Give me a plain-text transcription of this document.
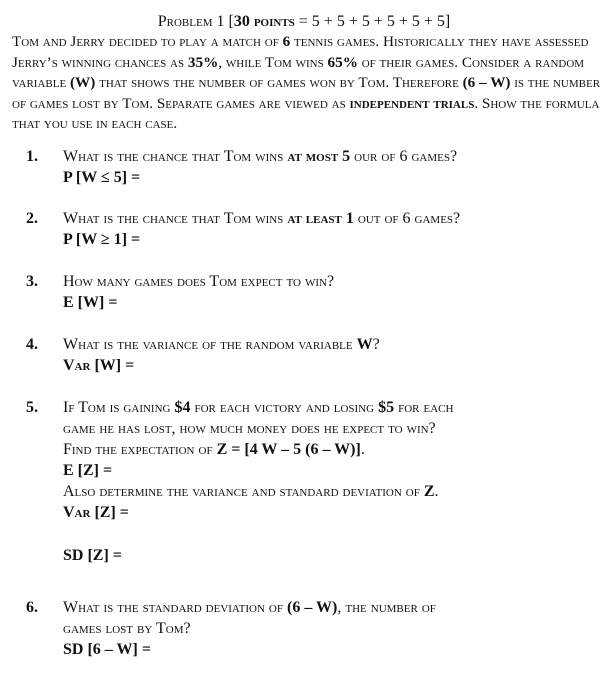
Problem 1 [30 points = 5 + 5 + 5 + 5 + 5 + 5]
Tom and Jerry decided to play a match of 6 tennis games. Historically they have assessed Jerry’s winning chances as 35%, while Tom wins 65% of their games. Consider a random variable (W) that shows the number of games won by Tom. Therefore (6 – W) is the number of games lost by Tom. Separate games are viewed as independent trials. Show the formula that you use in each case.
1. What is the chance that Tom wins at most 5 our of 6 games?
P [W ≤ 5] =
2. What is the chance that Tom wins at least 1 out of 6 games?
P [W ≥ 1] =
3. How many games does Tom expect to win?
E [W] =
4. What is the variance of the random variable W?
Var [W] =
5. If Tom is gaining $4 for each victory and losing $5 for each
game he has lost, how much money does he expect to win?
Find the expectation of Z = [4 W – 5 (6 – W)].
E [Z] =
Also determine the variance and standard deviation of Z.
Var [Z] =
SD [Z] =
6. What is the standard deviation of (6 – W), the number of
games lost by Tom?
SD [6 – W] =
